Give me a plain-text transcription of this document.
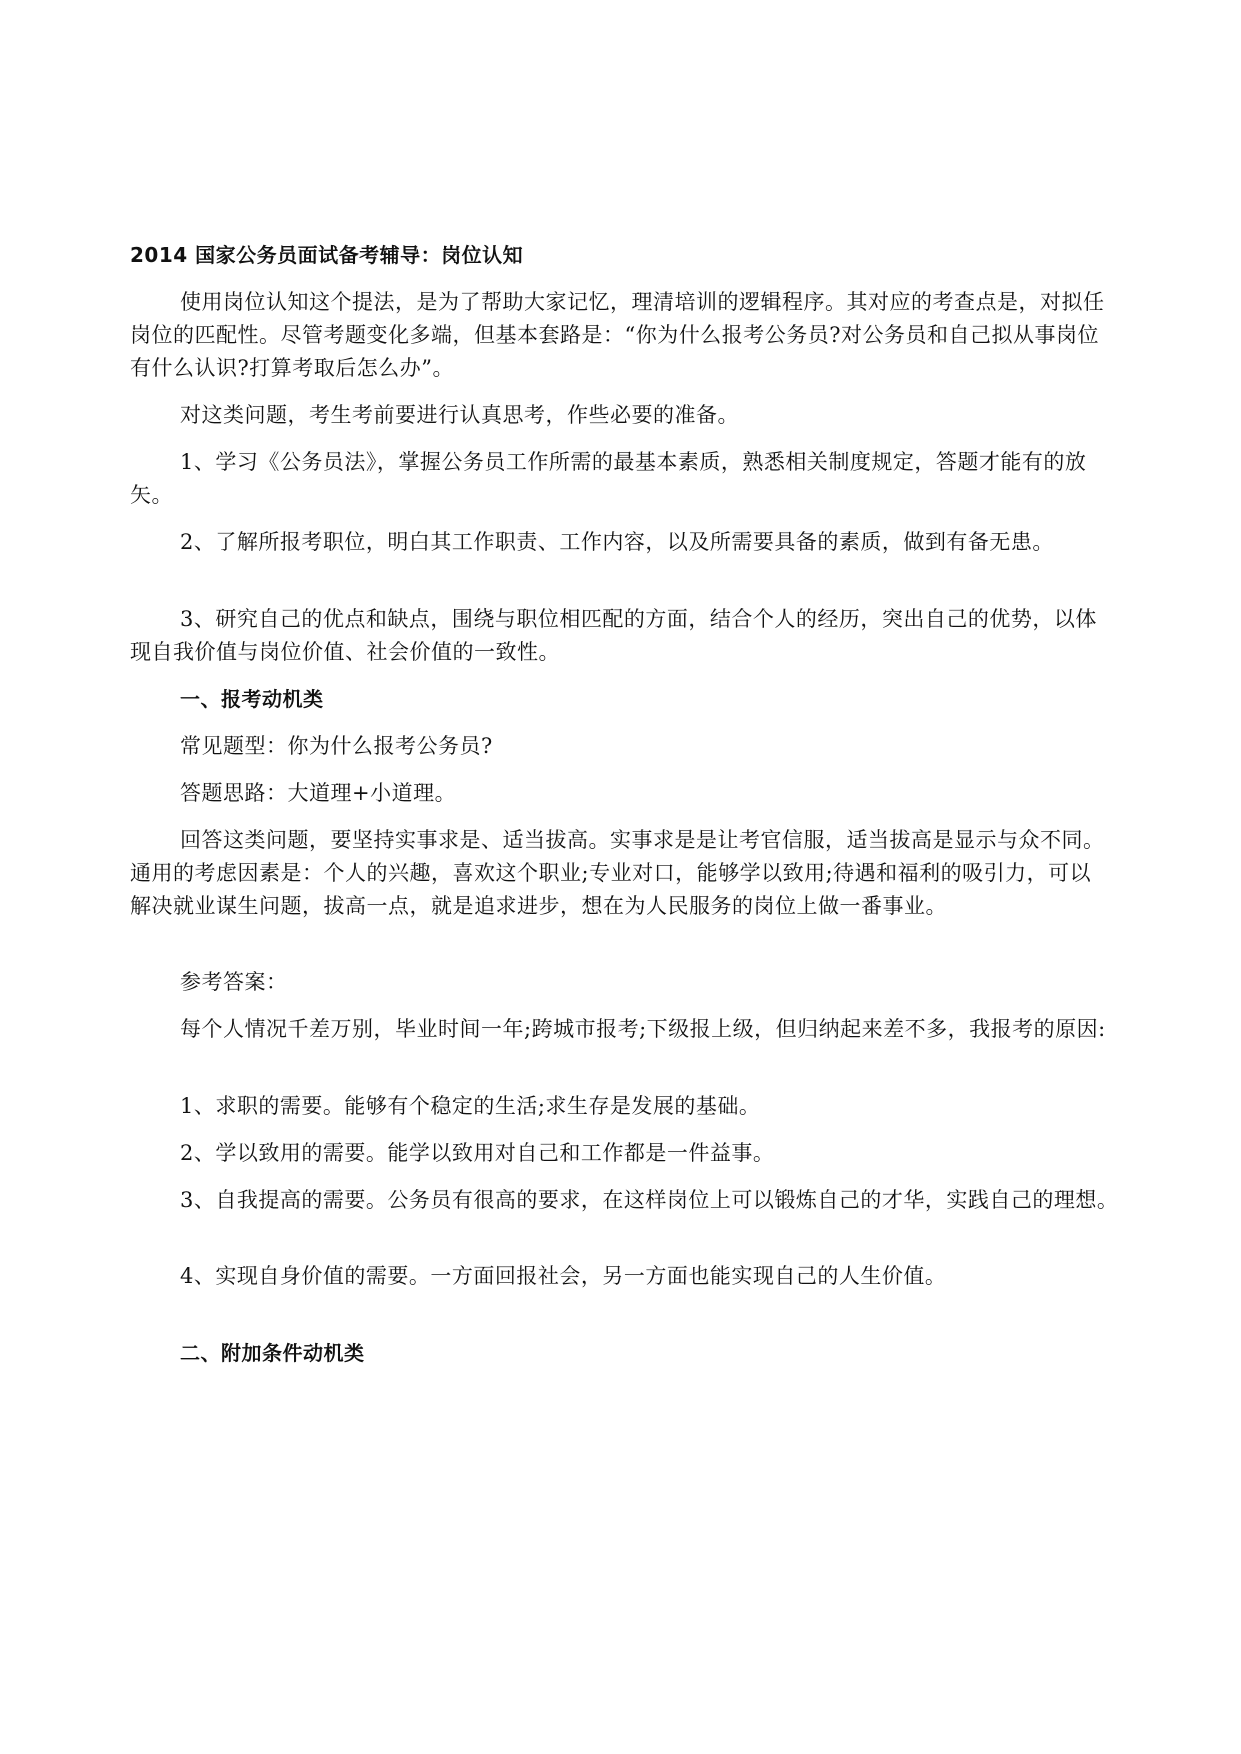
2014 国家公务员面试备考辅导：岗位认知
使用岗位认知这个提法，是为了帮助大家记忆，理清培训的逻辑程序。其对应的考查点是，对拟任
岗位的匹配性。尽管考题变化多端，但基本套路是：“你为什么报考公务员?对公务员和自己拟从事岗位
有什么认识?打算考取后怎么办”。
对这类问题，考生考前要进行认真思考，作些必要的准备。
1、学习《公务员法》，掌握公务员工作所需的最基本素质，熟悉相关制度规定，答题才能有的放
矢。
2、了解所报考职位，明白其工作职责、工作内容，以及所需要具备的素质，做到有备无患。
3、研究自己的优点和缺点，围绕与职位相匹配的方面，结合个人的经历，突出自己的优势，以体
现自我价值与岗位价值、社会价值的一致性。
一、报考动机类
常见题型：你为什么报考公务员?
答题思路：大道理+小道理。
回答这类问题，要坚持实事求是、适当拔高。实事求是是让考官信服，适当拔高是显示与众不同。
通用的考虑因素是：个人的兴趣，喜欢这个职业;专业对口，能够学以致用;待遇和福利的吸引力，可以
解决就业谋生问题，拔高一点，就是追求进步，想在为人民服务的岗位上做一番事业。
参考答案：
每个人情况千差万别，毕业时间一年;跨城市报考;下级报上级，但归纳起来差不多，我报考的原因:
1、求职的需要。能够有个稳定的生活;求生存是发展的基础。
2、学以致用的需要。能学以致用对自己和工作都是一件益事。
3、自我提高的需要。公务员有很高的要求，在这样岗位上可以锻炼自己的才华，实践自己的理想。
4、实现自身价值的需要。一方面回报社会，另一方面也能实现自己的人生价值。
二、附加条件动机类
